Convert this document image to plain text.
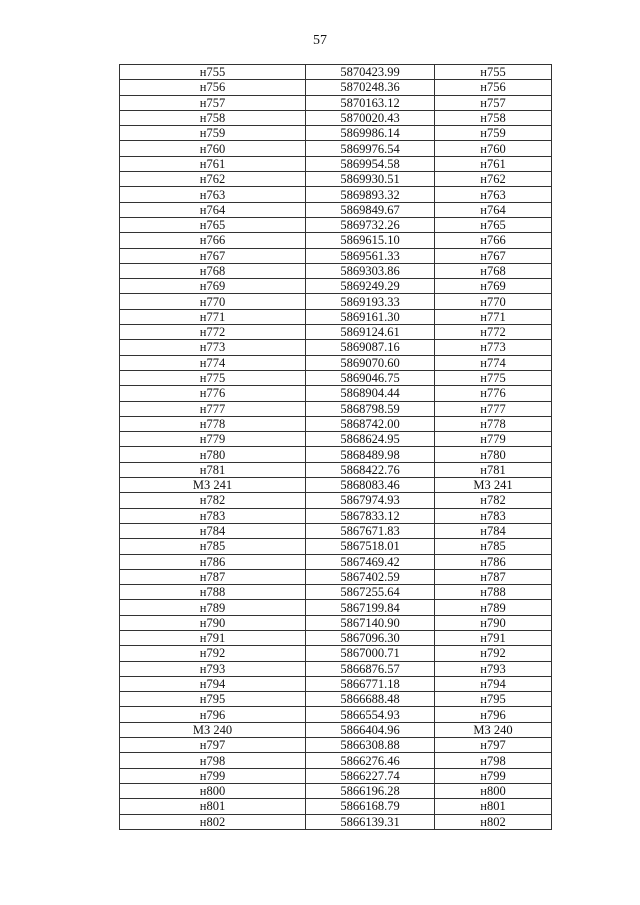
57
н755	5870423.99	н755
н756	5870248.36	н756
н757	5870163.12	н757
н758	5870020.43	н758
н759	5869986.14	н759
н760	5869976.54	н760
н761	5869954.58	н761
н762	5869930.51	н762
н763	5869893.32	н763
н764	5869849.67	н764
н765	5869732.26	н765
н766	5869615.10	н766
н767	5869561.33	н767
н768	5869303.86	н768
н769	5869249.29	н769
н770	5869193.33	н770
н771	5869161.30	н771
н772	5869124.61	н772
н773	5869087.16	н773
н774	5869070.60	н774
н775	5869046.75	н775
н776	5868904.44	н776
н777	5868798.59	н777
н778	5868742.00	н778
н779	5868624.95	н779
н780	5868489.98	н780
н781	5868422.76	н781
МЗ 241	5868083.46	МЗ 241
н782	5867974.93	н782
н783	5867833.12	н783
н784	5867671.83	н784
н785	5867518.01	н785
н786	5867469.42	н786
н787	5867402.59	н787
н788	5867255.64	н788
н789	5867199.84	н789
н790	5867140.90	н790
н791	5867096.30	н791
н792	5867000.71	н792
н793	5866876.57	н793
н794	5866771.18	н794
н795	5866688.48	н795
н796	5866554.93	н796
МЗ 240	5866404.96	МЗ 240
н797	5866308.88	н797
н798	5866276.46	н798
н799	5866227.74	н799
н800	5866196.28	н800
н801	5866168.79	н801
н802	5866139.31	н802
